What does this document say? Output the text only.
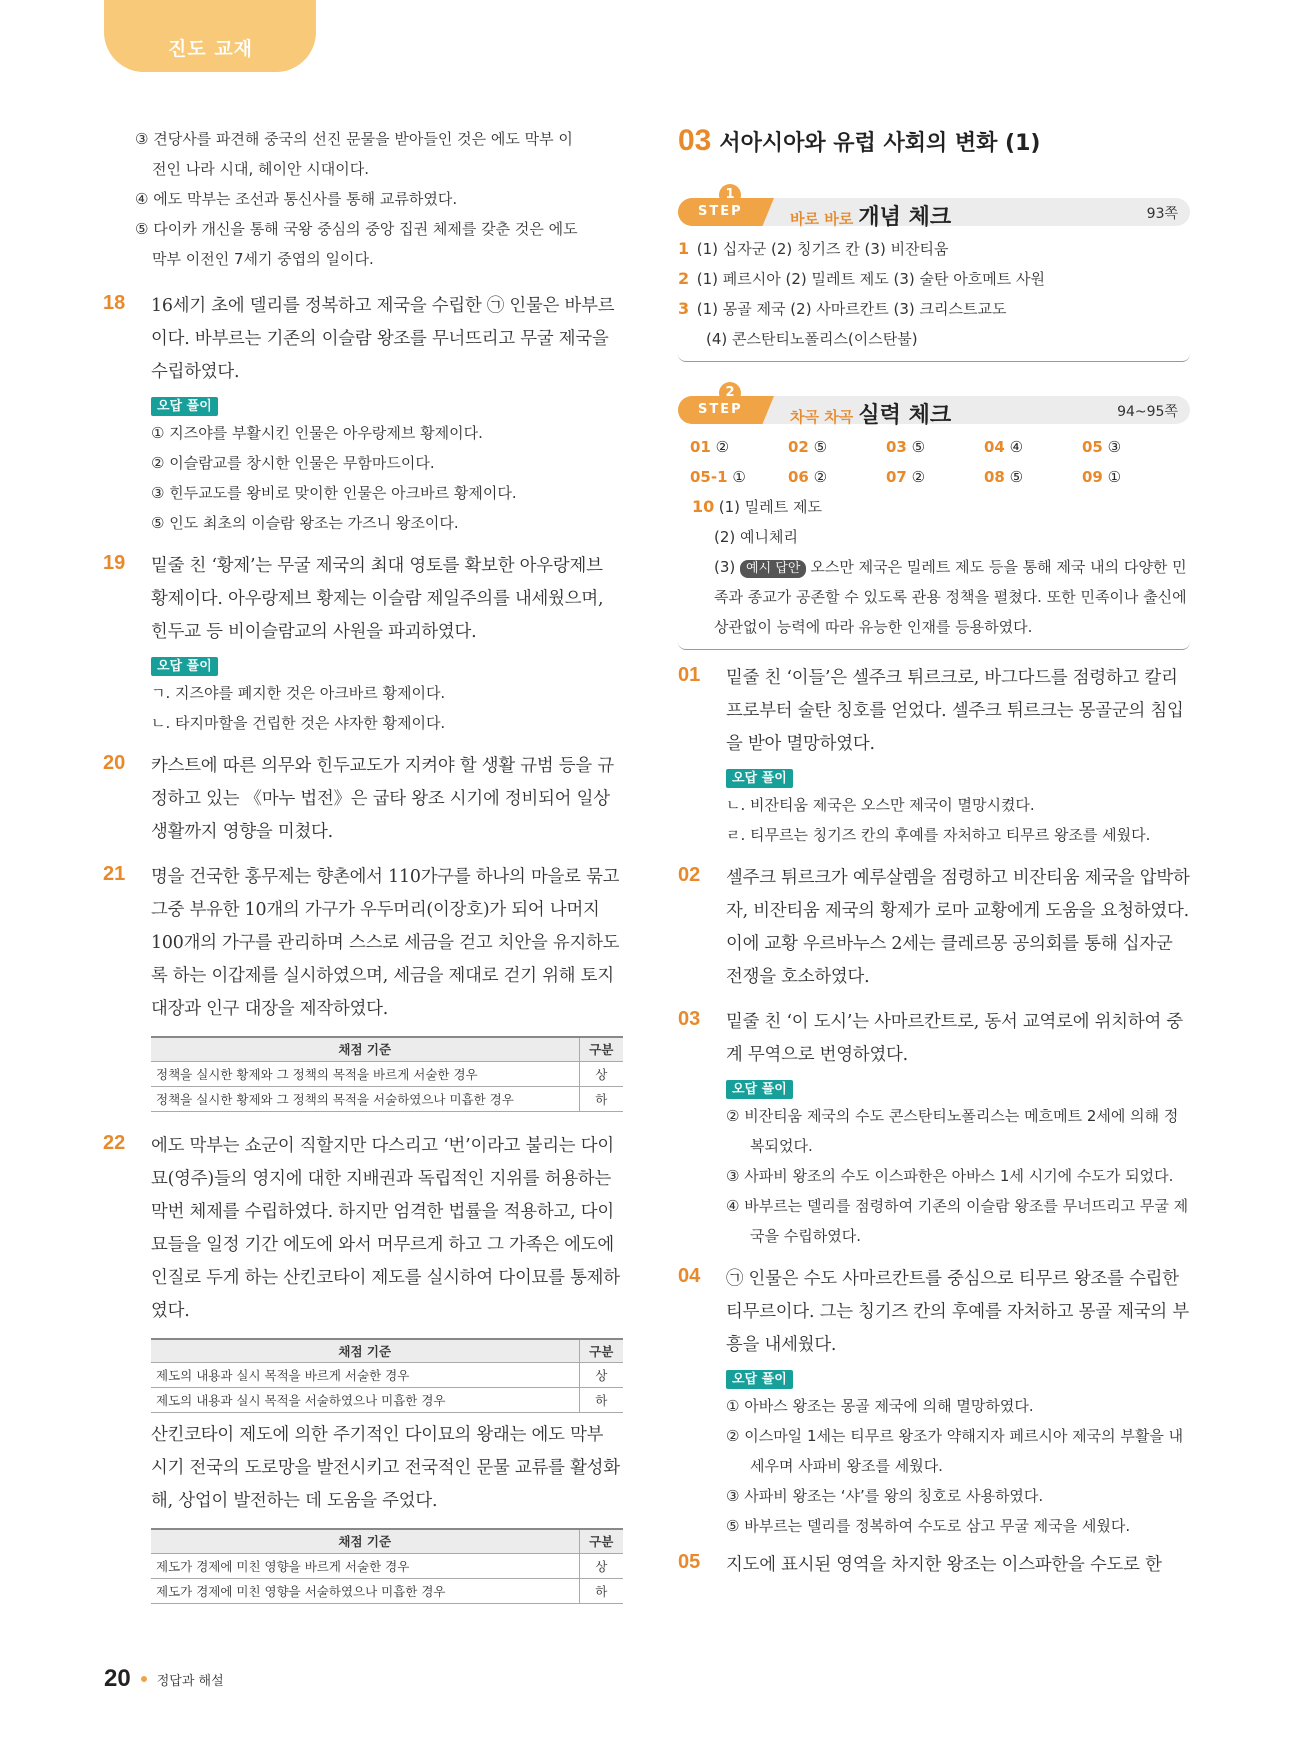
진도 교재
③ 견당사를 파견해 중국의 선진 문물을 받아들인 것은 에도 막부 이
전인 나라 시대, 헤이안 시대이다.
④ 에도 막부는 조선과 통신사를 통해 교류하였다.
⑤ 다이카 개신을 통해 국왕 중심의 중앙 집권 체제를 갖춘 것은 에도
막부 이전인 7세기 중엽의 일이다.
18 16세기 초에 델리를 정복하고 제국을 수립한 ㉠ 인물은 바부르이다. 바부르는 기존의 이슬람 왕조를 무너뜨리고 무굴 제국을 수립하였다.
오답 풀이
① 지즈야를 부활시킨 인물은 아우랑제브 황제이다.
② 이슬람교를 창시한 인물은 무함마드이다.
③ 힌두교도를 왕비로 맞이한 인물은 아크바르 황제이다.
⑤ 인도 최초의 이슬람 왕조는 가즈니 왕조이다.
19 밑줄 친 ‘황제’는 무굴 제국의 최대 영토를 확보한 아우랑제브 황제이다. 아우랑제브 황제는 이슬람 제일주의를 내세웠으며, 힌두교 등 비이슬람교의 사원을 파괴하였다.
오답 풀이
ㄱ. 지즈야를 폐지한 것은 아크바르 황제이다.
ㄴ. 타지마할을 건립한 것은 샤자한 황제이다.
20 카스트에 따른 의무와 힌두교도가 지켜야 할 생활 규범 등을 규정하고 있는 《마누 법전》은 굽타 왕조 시기에 정비되어 일상생활까지 영향을 미쳤다.
21 명을 건국한 홍무제는 향촌에서 110가구를 하나의 마을로 묶고 그중 부유한 10개의 가구가 우두머리(이장호)가 되어 나머지 100개의 가구를 관리하며 스스로 세금을 걷고 치안을 유지하도록 하는 이갑제를 실시하였으며, 세금을 제대로 걷기 위해 토지 대장과 인구 대장을 제작하였다.
채점 기준	구분
정책을 실시한 황제와 그 정책의 목적을 바르게 서술한 경우	상
정책을 실시한 황제와 그 정책의 목적을 서술하였으나 미흡한 경우	하
22 에도 막부는 쇼군이 직할지만 다스리고 ‘번’이라고 불리는 다이묘(영주)들의 영지에 대한 지배권과 독립적인 지위를 허용하는 막번 체제를 수립하였다. 하지만 엄격한 법률을 적용하고, 다이묘들을 일정 기간 에도에 와서 머무르게 하고 그 가족은 에도에 인질로 두게 하는 산킨코타이 제도를 실시하여 다이묘를 통제하였다.
채점 기준	구분
제도의 내용과 실시 목적을 바르게 서술한 경우	상
제도의 내용과 실시 목적을 서술하였으나 미흡한 경우	하
산킨코타이 제도에 의한 주기적인 다이묘의 왕래는 에도 막부 시기 전국의 도로망을 발전시키고 전국적인 문물 교류를 활성화해, 상업이 발전하는 데 도움을 주었다.
채점 기준	구분
제도가 경제에 미친 영향을 바르게 서술한 경우	상
제도가 경제에 미친 영향을 서술하였으나 미흡한 경우	하
03 서아시아와 유럽 사회의 변화 (1)
1
STEP	바로 바로 개념 체크	93쪽
1 (1) 십자군 (2) 칭기즈 칸 (3) 비잔티움
2 (1) 페르시아 (2) 밀레트 제도 (3) 술탄 아흐메트 사원
3 (1) 몽골 제국 (2) 사마르칸트 (3) 크리스트교도
(4) 콘스탄티노폴리스(이스탄불)
2
STEP	차곡 차곡 실력 체크	94~95쪽
01 ②	02 ⑤	03 ⑤	04 ④	05 ③
05-1 ①	06 ②	07 ②	08 ⑤	09 ①
10 (1) 밀레트 제도
(2) 예니체리
(3) 예시 답안 오스만 제국은 밀레트 제도 등을 통해 제국 내의 다양한 민족과 종교가 공존할 수 있도록 관용 정책을 펼쳤다. 또한 민족이나 출신에 상관없이 능력에 따라 유능한 인재를 등용하였다.
01 밑줄 친 ‘이들’은 셀주크 튀르크로, 바그다드를 점령하고 칼리프로부터 술탄 칭호를 얻었다. 셀주크 튀르크는 몽골군의 침입을 받아 멸망하였다.
오답 풀이
ㄴ. 비잔티움 제국은 오스만 제국이 멸망시켰다.
ㄹ. 티무르는 칭기즈 칸의 후예를 자처하고 티무르 왕조를 세웠다.
02 셀주크 튀르크가 예루살렘을 점령하고 비잔티움 제국을 압박하자, 비잔티움 제국의 황제가 로마 교황에게 도움을 요청하였다. 이에 교황 우르바누스 2세는 클레르몽 공의회를 통해 십자군 전쟁을 호소하였다.
03 밑줄 친 ‘이 도시’는 사마르칸트로, 동서 교역로에 위치하여 중계 무역으로 번영하였다.
오답 풀이
② 비잔티움 제국의 수도 콘스탄티노폴리스는 메흐메트 2세에 의해 정복되었다.
③ 사파비 왕조의 수도 이스파한은 아바스 1세 시기에 수도가 되었다.
④ 바부르는 델리를 점령하여 기존의 이슬람 왕조를 무너뜨리고 무굴 제국을 수립하였다.
04 ㉠ 인물은 수도 사마르칸트를 중심으로 티무르 왕조를 수립한 티무르이다. 그는 칭기즈 칸의 후예를 자처하고 몽골 제국의 부흥을 내세웠다.
오답 풀이
① 아바스 왕조는 몽골 제국에 의해 멸망하였다.
② 이스마일 1세는 티무르 왕조가 약해지자 페르시아 제국의 부활을 내세우며 사파비 왕조를 세웠다.
③ 사파비 왕조는 ‘샤’를 왕의 칭호로 사용하였다.
⑤ 바부르는 델리를 정복하여 수도로 삼고 무굴 제국을 세웠다.
05 지도에 표시된 영역을 차지한 왕조는 이스파한을 수도로 한
20 정답과 해설
